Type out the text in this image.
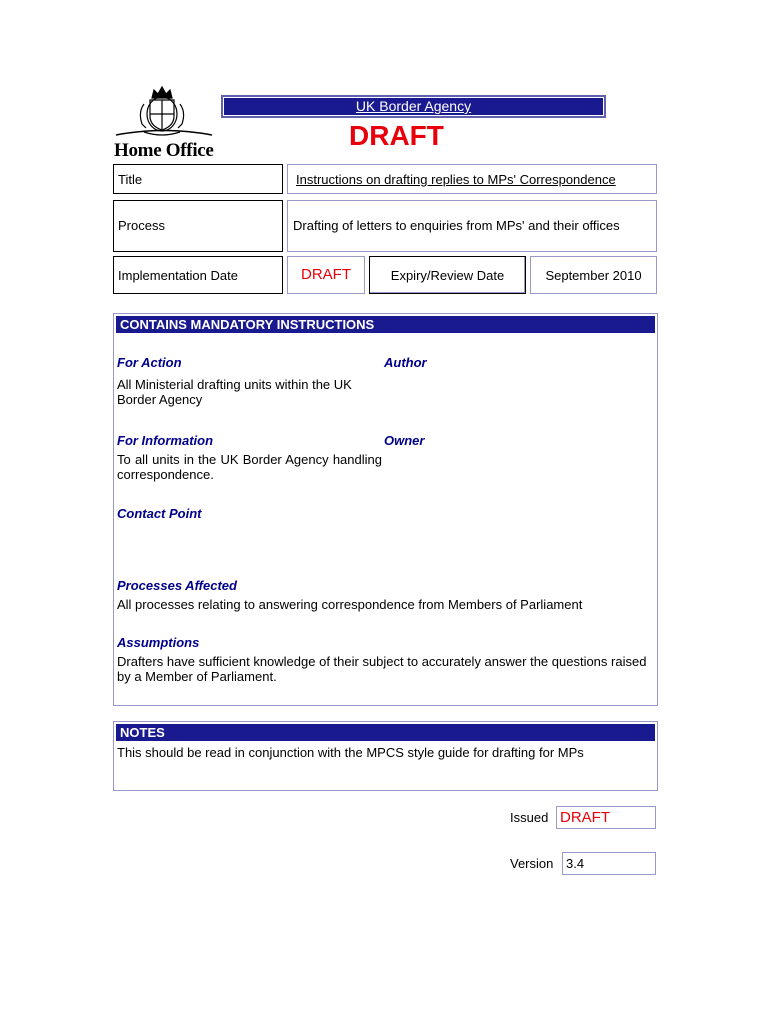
Home Office
UK Border Agency
DRAFT
Title	Instructions on drafting replies to MPs' Correspondence
Process	Drafting of letters to enquiries from MPs' and their offices
Implementation Date	DRAFT	Expiry/Review Date	September 2010
CONTAINS MANDATORY INSTRUCTIONS
For Action	Author
All Ministerial drafting units within the UK Border Agency
For Information	Owner
To all units in the UK Border Agency handling correspondence.
Contact Point
Processes Affected
All processes relating to answering correspondence from Members of Parliament
Assumptions
Drafters have sufficient knowledge of their subject to accurately answer the questions raised by a Member of Parliament.
NOTES
This should be read in conjunction with the MPCS style guide for drafting for MPs
Issued DRAFT
Version 3.4
